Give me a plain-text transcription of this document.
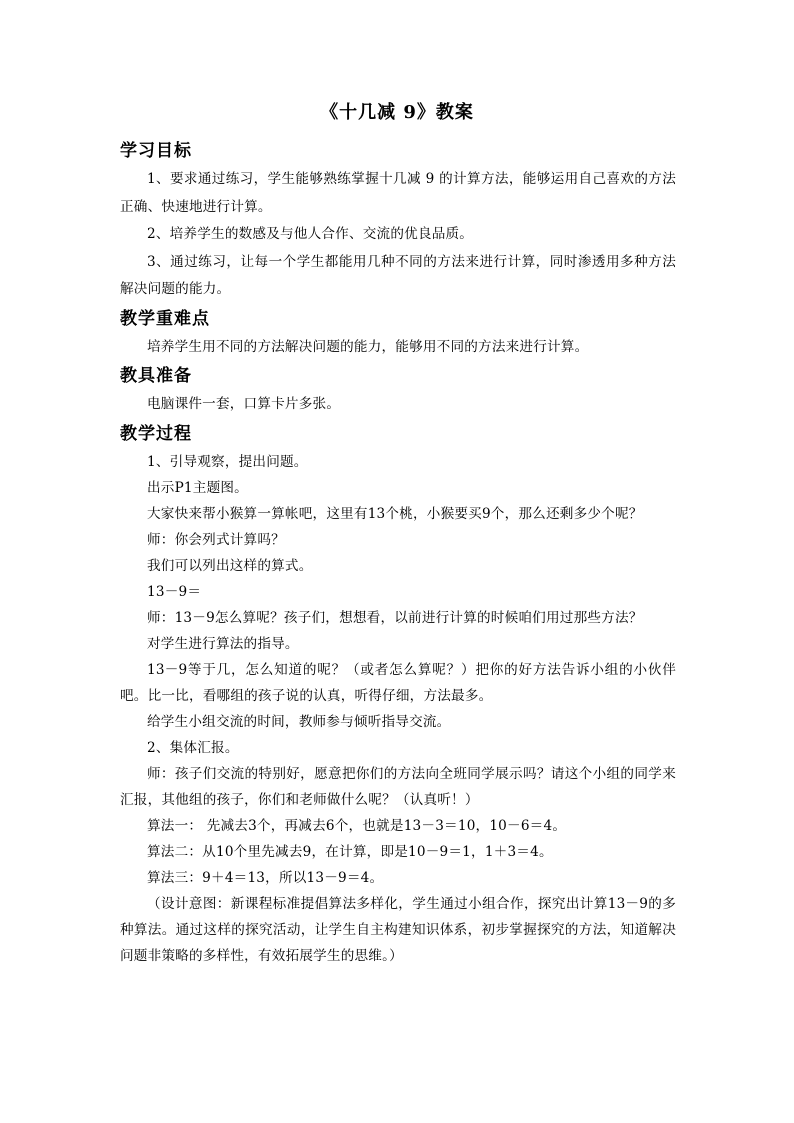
《十几减 9》教案
学习目标

1、要求通过练习，学生能够熟练掌握十几减 9 的计算方法，能够运用自己喜欢的方法正确、快速地进行计算。

2、培养学生的数感及与他人合作、交流的优良品质。

3、通过练习，让每一个学生都能用几种不同的方法来进行计算，同时渗透用多种方法解决问题的能力。

教学重难点

培养学生用不同的方法解决问题的能力，能够用不同的方法来进行计算。

教具准备

电脑课件一套，口算卡片多张。

教学过程

1、引导观察，提出问题。

出示P1主题图。

大家快来帮小猴算一算帐吧，这里有13个桃，小猴要买9个，那么还剩多少个呢？

师：你会列式计算吗？

我们可以列出这样的算式。

13－9＝

师：13－9怎么算呢？孩子们，想想看，以前进行计算的时候咱们用过那些方法？

对学生进行算法的指导。

13－9等于几，怎么知道的呢？（或者怎么算呢？）把你的好方法告诉小组的小伙伴吧。比一比，看哪组的孩子说的认真，听得仔细，方法最多。

给学生小组交流的时间，教师参与倾听指导交流。

2、集体汇报。

师：孩子们交流的特别好，愿意把你们的方法向全班同学展示吗？请这个小组的同学来汇报，其他组的孩子，你们和老师做什么呢？（认真听！）

算法一： 先减去3个，再减去6个，也就是13－3＝10，10－6＝4。

算法二：从10个里先减去9，在计算，即是10－9＝1，1＋3＝4。

算法三：9＋4＝13，所以13－9＝4。

（设计意图：新课程标准提倡算法多样化，学生通过小组合作，探究出计算13－9的多种算法。通过这样的探究活动，让学生自主构建知识体系，初步掌握探究的方法，知道解决问题非策略的多样性，有效拓展学生的思维。）
